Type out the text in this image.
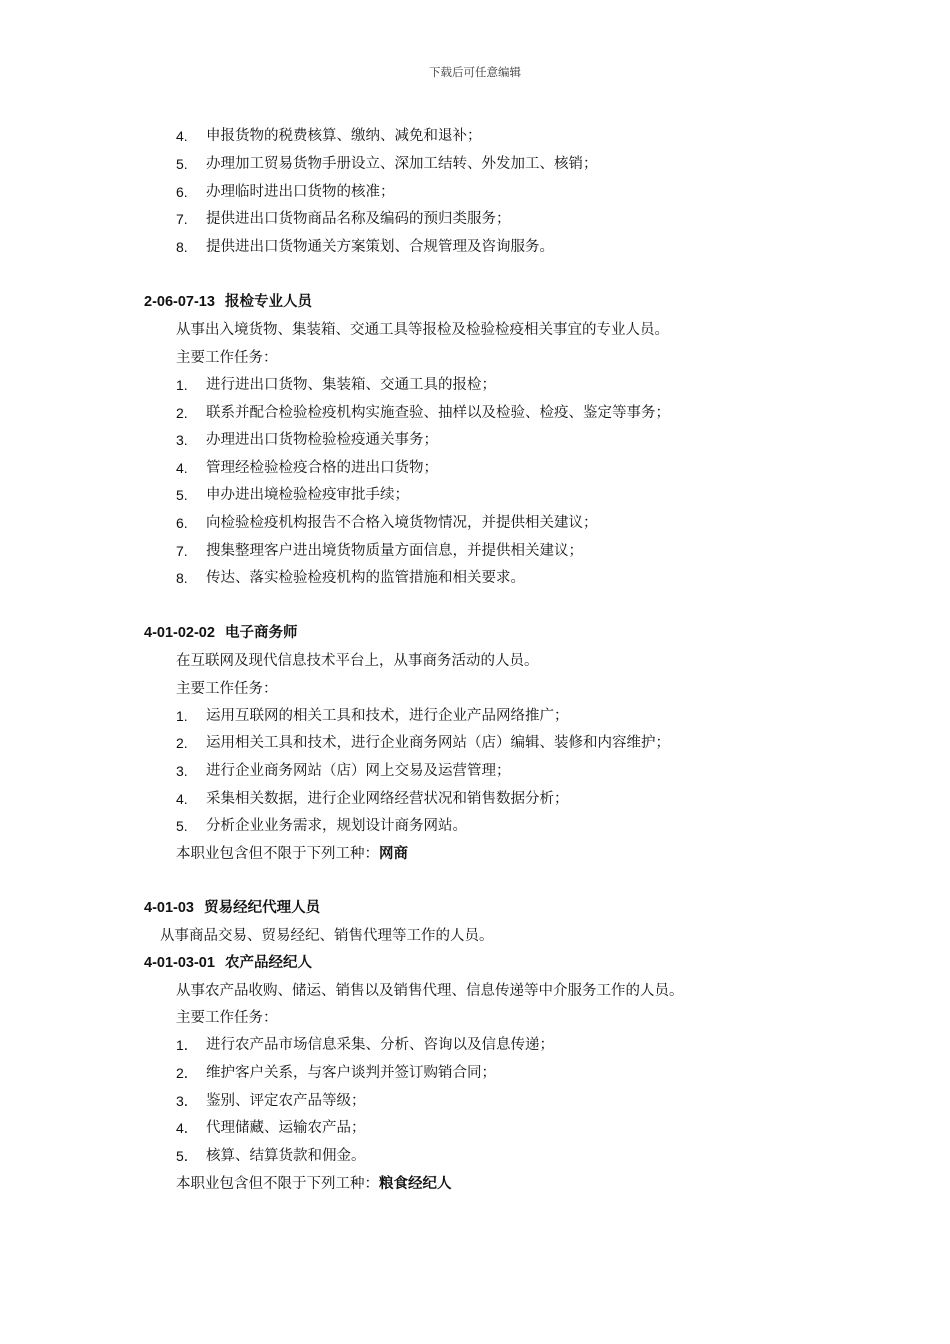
下载后可任意编辑
4.	申报货物的税费核算、缴纳、减免和退补；
5.	办理加工贸易货物手册设立、深加工结转、外发加工、核销；
6.	办理临时进出口货物的核准；
7.	提供进出口货物商品名称及编码的预归类服务；
8.	提供进出口货物通关方案策划、合规管理及咨询服务。
2-06-07-13 报检专业人员
从事出入境货物、集装箱、交通工具等报检及检验检疫相关事宜的专业人员。
主要工作任务：
1.	进行进出口货物、集装箱、交通工具的报检；
2.	联系并配合检验检疫机构实施查验、抽样以及检验、检疫、鉴定等事务；
3.	办理进出口货物检验检疫通关事务；
4.	管理经检验检疫合格的进出口货物；
5.	申办进出境检验检疫审批手续；
6.	向检验检疫机构报告不合格入境货物情况，并提供相关建议；
7.	搜集整理客户进出境货物质量方面信息，并提供相关建议；
8.	传达、落实检验检疫机构的监管措施和相关要求。
4-01-02-02 电子商务师
在互联网及现代信息技术平台上，从事商务活动的人员。
主要工作任务：
1.	运用互联网的相关工具和技术，进行企业产品网络推广；
2.	运用相关工具和技术，进行企业商务网站（店）编辑、装修和内容维护；
3.	进行企业商务网站（店）网上交易及运营管理；
4.	采集相关数据，进行企业网络经营状况和销售数据分析；
5.	分析企业业务需求，规划设计商务网站。
本职业包含但不限于下列工种：网商
4-01-03 贸易经纪代理人员
从事商品交易、贸易经纪、销售代理等工作的人员。
4-01-03-01 农产品经纪人
从事农产品收购、储运、销售以及销售代理、信息传递等中介服务工作的人员。
主要工作任务：
1． 进行农产品市场信息采集、分析、咨询以及信息传递；
2． 维护客户关系，与客户谈判并签订购销合同；
3． 鉴别、评定农产品等级；
4． 代理储藏、运输农产品；
5． 核算、结算货款和佣金。
本职业包含但不限于下列工种：粮食经纪人
